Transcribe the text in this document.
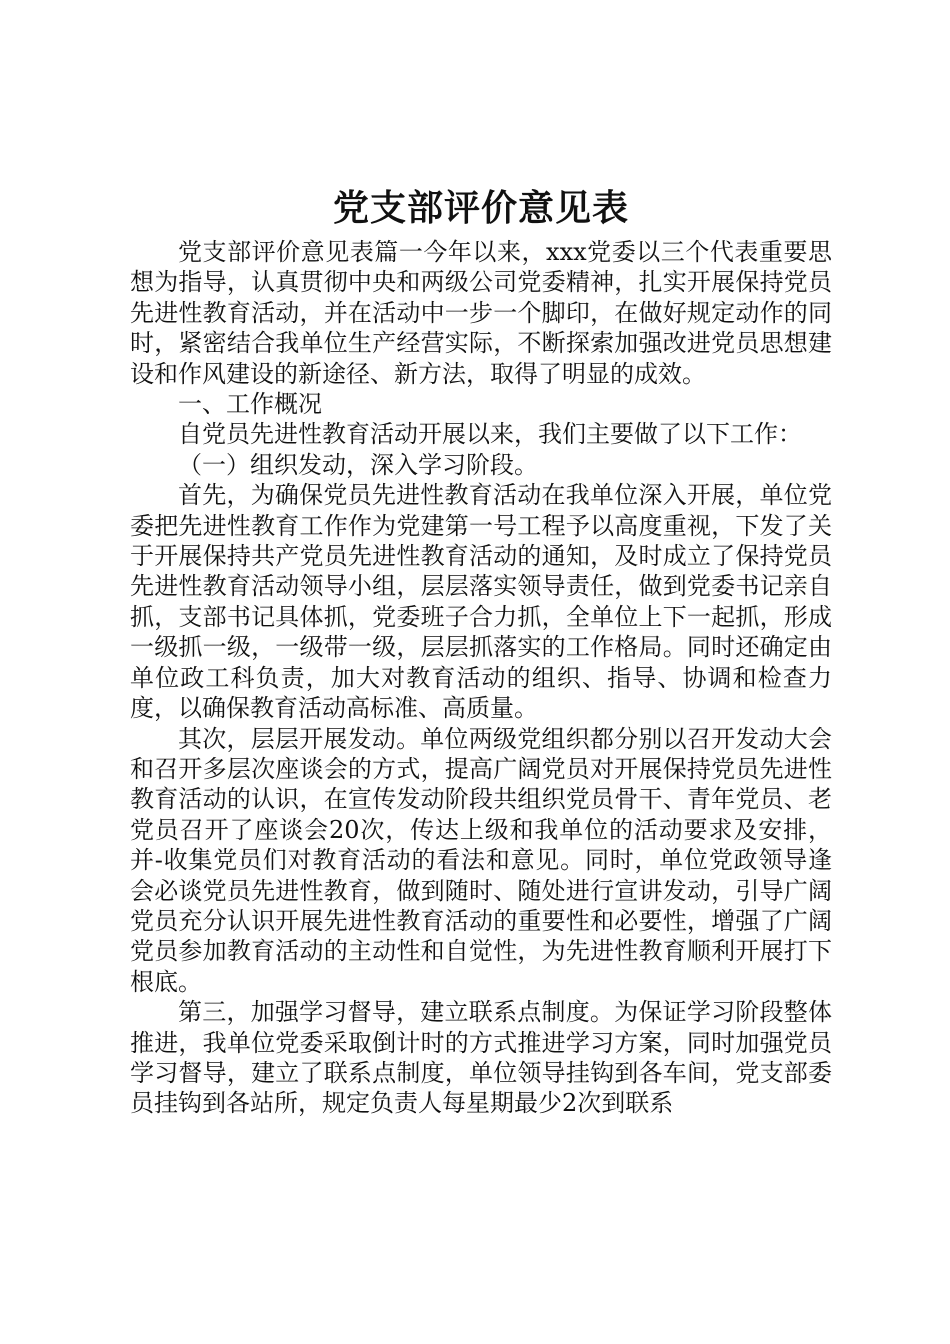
党支部评价意见表

党支部评价意见表篇一今年以来，xxx党委以三个代表重要思想为指导，认真贯彻中央和两级公司党委精神，扎实开展保持党员先进性教育活动，并在活动中一步一个脚印，在做好规定动作的同时，紧密结合我单位生产经营实际，不断探索加强改进党员思想建设和作风建设的新途径、新方法，取得了明显的成效。

一、工作概况

自党员先进性教育活动开展以来，我们主要做了以下工作：

（一）组织发动，深入学习阶段。

首先，为确保党员先进性教育活动在我单位深入开展，单位党委把先进性教育工作作为党建第一号工程予以高度重视，下发了关于开展保持共产党员先进性教育活动的通知，及时成立了保持党员先进性教育活动领导小组，层层落实领导责任，做到党委书记亲自抓，支部书记具体抓，党委班子合力抓，全单位上下一起抓，形成一级抓一级，一级带一级，层层抓落实的工作格局。同时还确定由单位政工科负责，加大对教育活动的组织、指导、协调和检查力度，以确保教育活动高标准、高质量。

其次，层层开展发动。单位两级党组织都分别以召开发动大会和召开多层次座谈会的方式，提高广阔党员对开展保持党员先进性教育活动的认识，在宣传发动阶段共组织党员骨干、青年党员、老党员召开了座谈会20次，传达上级和我单位的活动要求及安排，并-收集党员们对教育活动的看法和意见。同时，单位党政领导逢会必谈党员先进性教育，做到随时、随处进行宣讲发动，引导广阔党员充分认识开展先进性教育活动的重要性和必要性，增强了广阔党员参加教育活动的主动性和自觉性，为先进性教育顺利开展打下根底。

第三，加强学习督导，建立联系点制度。为保证学习阶段整体推进，我单位党委采取倒计时的方式推进学习方案，同时加强党员学习督导，建立了联系点制度，单位领导挂钩到各车间，党支部委员挂钩到各站所，规定负责人每星期最少2次到联系
